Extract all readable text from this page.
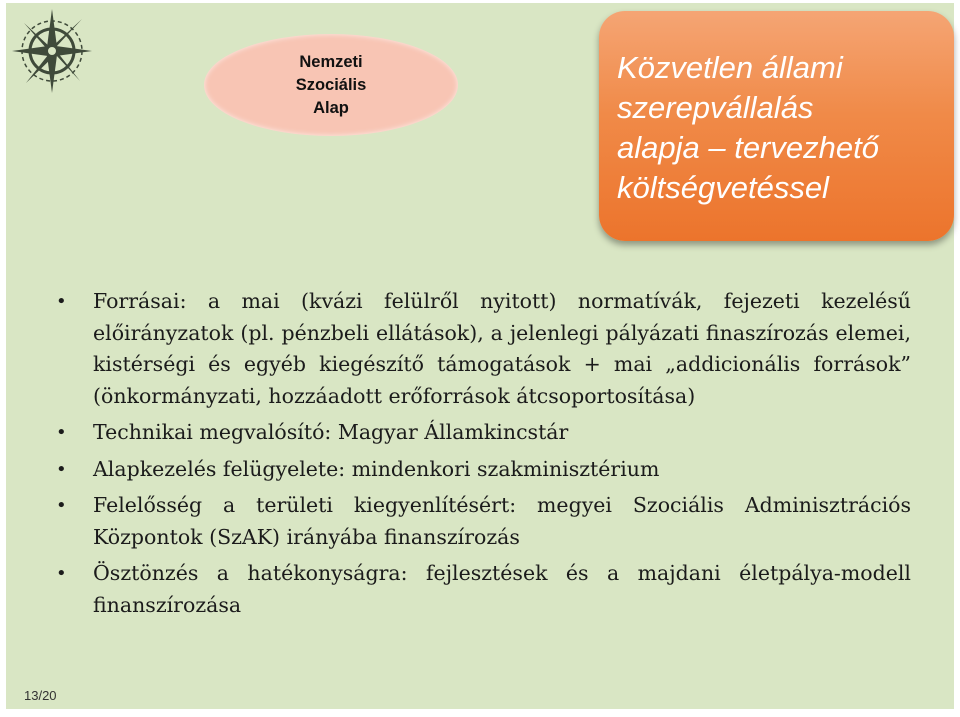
Nemzeti
Szociális
Alap
Közvetlen állami
szerepvállalás
alapja – tervezhető
költségvetéssel
• Forrásai: a mai (kvázi felülről nyitott) normatívák, fejezeti kezelésű előirányzatok (pl. pénzbeli ellátások), a jelenlegi pályázati finaszírozás elemei, kistérségi és egyéb kiegészítő támogatások + mai „addicionális források” (önkormányzati, hozzáadott erőforrások átcsoportosítása)
• Technikai megvalósító: Magyar Államkincstár
• Alapkezelés felügyelete: mindenkori szakminisztérium
• Felelősség a területi kiegyenlítésért: megyei Szociális Adminisztrációs Központok (SzAK) irányába finanszírozás
• Ösztönzés a hatékonyságra: fejlesztések és a majdani életpálya-modell finanszírozása
13/20
